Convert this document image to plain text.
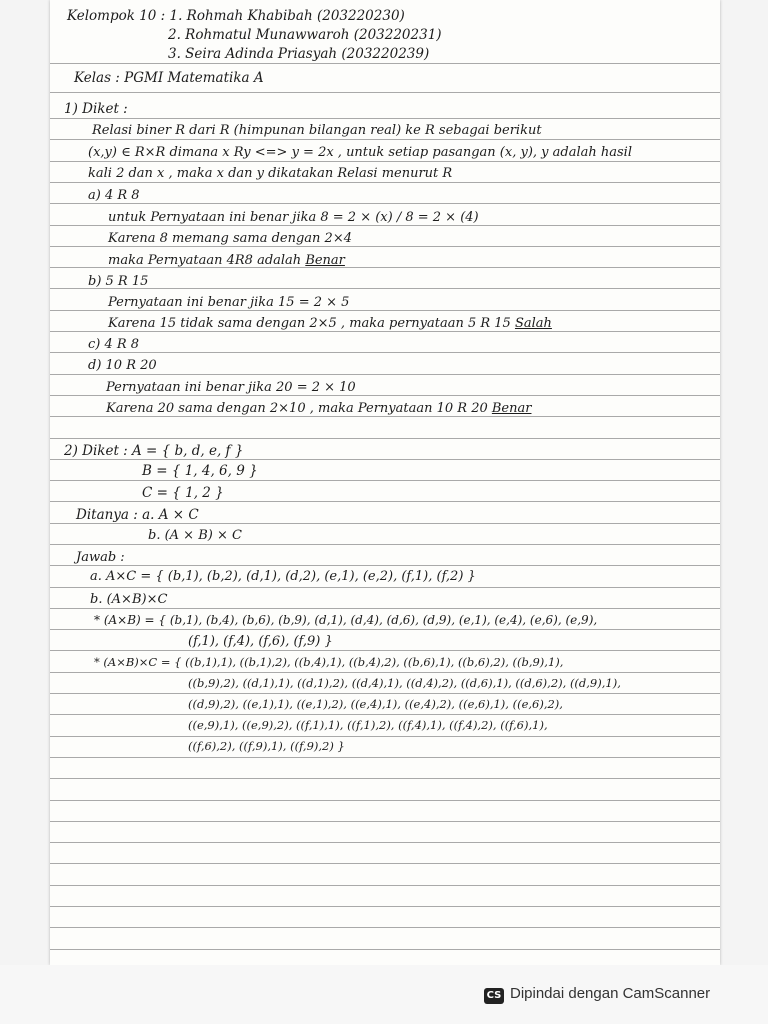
Kelompok 10 : 1. Rohmah Khabibah (203220230)
2. Rohmatul Munawwaroh (203220231)
3. Seira Adinda Priasyah (203220239)
Kelas : PGMI Matematika A
1) Diket :
Relasi biner R dari R (himpunan bilangan real) ke R sebagai berikut
(x,y) ∈ R×R dimana x Ry <=> y = 2x , untuk setiap pasangan (x, y), y adalah hasil
kali 2 dan x , maka x dan y dikatakan Relasi menurut R
a) 4 R 8
untuk Pernyataan ini benar jika 8 = 2 × (x) / 8 = 2 × (4)
Karena 8 memang sama dengan 2×4
maka Pernyataan 4R8 adalah Benar
b) 5 R 15
Pernyataan ini benar jika 15 = 2 × 5
Karena 15 tidak sama dengan 2×5 , maka pernyataan 5 R 15 Salah
c) 4 R 8
d) 10 R 20
Pernyataan ini benar jika 20 = 2 × 10
Karena 20 sama dengan 2×10 , maka Pernyataan 10 R 20 Benar
2) Diket : A = { b, d, e, f }
B = { 1, 4, 6, 9 }
C = { 1, 2 }
Ditanya : a. A × C
b. (A × B) × C
Jawab :
a. A×C = { (b,1), (b,2), (d,1), (d,2), (e,1), (e,2), (f,1), (f,2) }
b. (A×B)×C
* (A×B) = { (b,1), (b,4), (b,6), (b,9), (d,1), (d,4), (d,6), (d,9), (e,1), (e,4), (e,6), (e,9),
(f,1), (f,4), (f,6), (f,9) }
* (A×B)×C = { ((b,1),1), ((b,1),2), ((b,4),1), ((b,4),2), ((b,6),1), ((b,6),2), ((b,9),1),
((b,9),2), ((d,1),1), ((d,1),2), ((d,4),1), ((d,4),2), ((d,6),1), ((d,6),2), ((d,9),1),
((d,9),2), ((e,1),1), ((e,1),2), ((e,4),1), ((e,4),2), ((e,6),1), ((e,6),2),
((e,9),1), ((e,9),2), ((f,1),1), ((f,1),2), ((f,4),1), ((f,4),2), ((f,6),1),
((f,6),2), ((f,9),1), ((f,9),2) }
CS Dipindai dengan CamScanner
